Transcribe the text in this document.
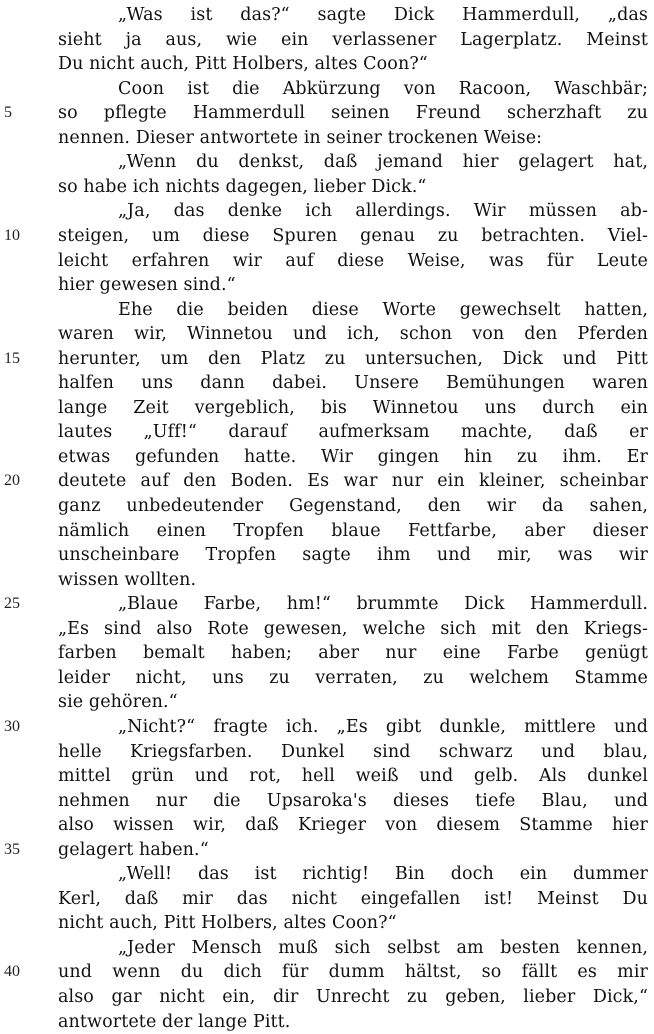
„Was ist das?“ sagte Dick Hammerdull, „das
sieht ja aus, wie ein verlassener Lagerplatz. Meinst
Du nicht auch, Pitt Holbers, altes Coon?“
Coon ist die Abkürzung von Racoon, Waschbär;
so pflegte Hammerdull seinen Freund scherzhaft zu
nennen. Dieser antwortete in seiner trockenen Weise:
„Wenn du denkst, daß jemand hier gelagert hat,
so habe ich nichts dagegen, lieber Dick.“
„Ja, das denke ich allerdings. Wir müssen ab-
steigen, um diese Spuren genau zu betrachten. Viel-
leicht erfahren wir auf diese Weise, was für Leute
hier gewesen sind.“
Ehe die beiden diese Worte gewechselt hatten,
waren wir, Winnetou und ich, schon von den Pferden
herunter, um den Platz zu untersuchen, Dick und Pitt
halfen uns dann dabei. Unsere Bemühungen waren
lange Zeit vergeblich, bis Winnetou uns durch ein
lautes „Uff!“ darauf aufmerksam machte, daß er
etwas gefunden hatte. Wir gingen hin zu ihm. Er
deutete auf den Boden. Es war nur ein kleiner, scheinbar
ganz unbedeutender Gegenstand, den wir da sahen,
nämlich einen Tropfen blaue Fettfarbe, aber dieser
unscheinbare Tropfen sagte ihm und mir, was wir
wissen wollten.
„Blaue Farbe, hm!“ brummte Dick Hammerdull.
„Es sind also Rote gewesen, welche sich mit den Kriegs-
farben bemalt haben; aber nur eine Farbe genügt
leider nicht, uns zu verraten, zu welchem Stamme
sie gehören.“
„Nicht?“ fragte ich. „Es gibt dunkle, mittlere und
helle Kriegsfarben. Dunkel sind schwarz und blau,
mittel grün und rot, hell weiß und gelb. Als dunkel
nehmen nur die Upsaroka's dieses tiefe Blau, und
also wissen wir, daß Krieger von diesem Stamme hier
gelagert haben.“
„Well! das ist richtig! Bin doch ein dummer
Kerl, daß mir das nicht eingefallen ist! Meinst Du
nicht auch, Pitt Holbers, altes Coon?“
„Jeder Mensch muß sich selbst am besten kennen,
und wenn du dich für dumm hältst, so fällt es mir
also gar nicht ein, dir Unrecht zu geben, lieber Dick,“
antwortete der lange Pitt.
5
10
15
20
25
30
35
40
